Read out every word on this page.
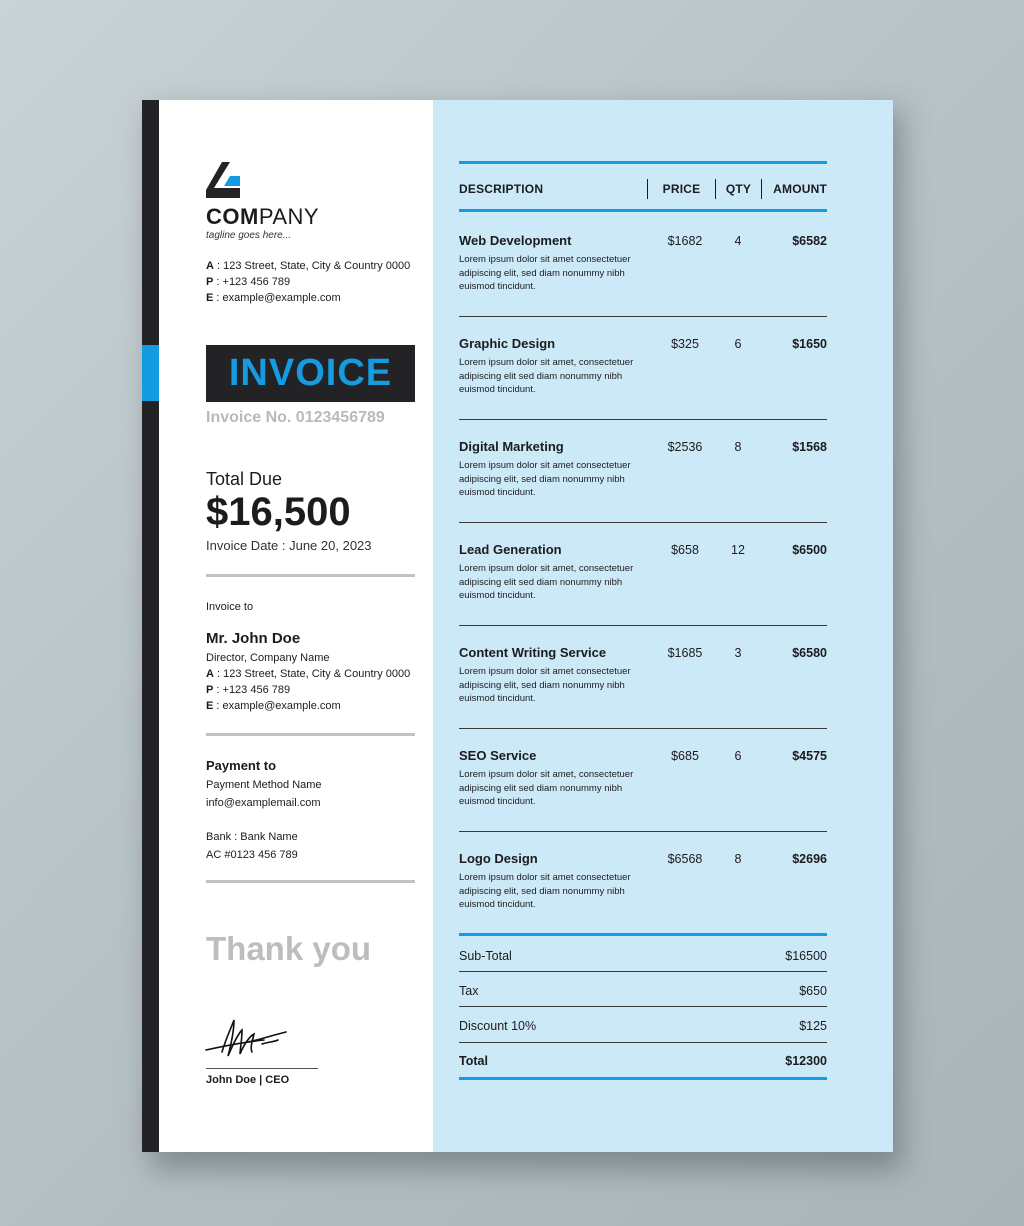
COMPANY
tagline goes here...
A : 123 Street, State, City & Country 0000
P : +123 456 789
E : example@example.com
INVOICE
Invoice No. 0123456789
Total Due
$16,500
Invoice Date : June 20, 2023
Invoice to
Mr. John Doe
Director, Company Name
A : 123 Street, State, City & Country 0000
P : +123 456 789
E : example@example.com
Payment to
Payment Method Name
info@examplemail.com
Bank : Bank Name
AC #0123 456 789
Thank you
John Doe | CEO
DESCRIPTION	PRICE	QTY	AMOUNT
Web Development
Lorem ipsum dolor sit amet consectetuer adipiscing elit, sed diam nonummy nibh euismod tincidunt.
$1682	4	$6582
Graphic Design
Lorem ipsum dolor sit amet, consectetuer adipiscing elit sed diam nonummy nibh euismod tincidunt.
$325	6	$1650
Digital Marketing
Lorem ipsum dolor sit amet consectetuer adipiscing elit, sed diam nonummy nibh euismod tincidunt.
$2536	8	$1568
Lead Generation
Lorem ipsum dolor sit amet, consectetuer adipiscing elit sed diam nonummy nibh euismod tincidunt.
$658	12	$6500
Content Writing Service
Lorem ipsum dolor sit amet consectetuer adipiscing elit, sed diam nonummy nibh euismod tincidunt.
$1685	3	$6580
SEO Service
Lorem ipsum dolor sit amet, consectetuer adipiscing elit sed diam nonummy nibh euismod tincidunt.
$685	6	$4575
Logo Design
Lorem ipsum dolor sit amet consectetuer adipiscing elit, sed diam nonummy nibh euismod tincidunt.
$6568	8	$2696
Sub-Total	$16500
Tax	$650
Discount 10%	$125
Total	$12300
